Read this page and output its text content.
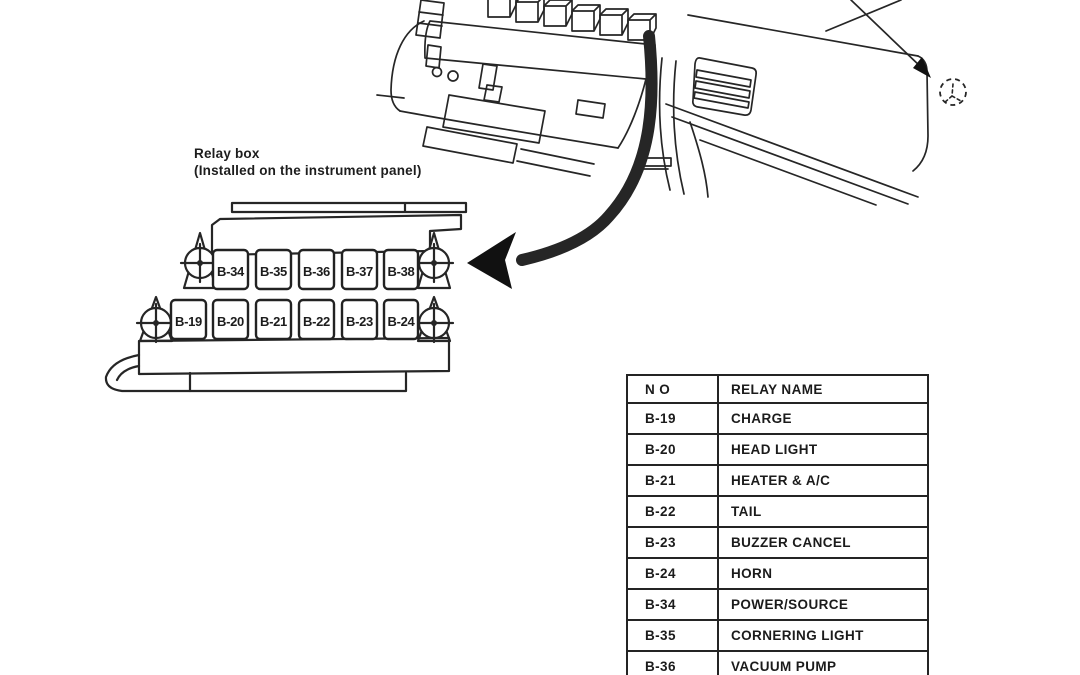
B-34 B-35 B-36 B-37 B-38
B-19 B-20 B-21 B-22 B-23 B-24
Relay box
(Installed on the instrument panel)
N O	RELAY NAME
B-19	CHARGE
B-20	HEAD LIGHT
B-21	HEATER & A/C
B-22	TAIL
B-23	BUZZER CANCEL
B-24	HORN
B-34	POWER/SOURCE
B-35	CORNERING LIGHT
B-36	VACUUM PUMP
